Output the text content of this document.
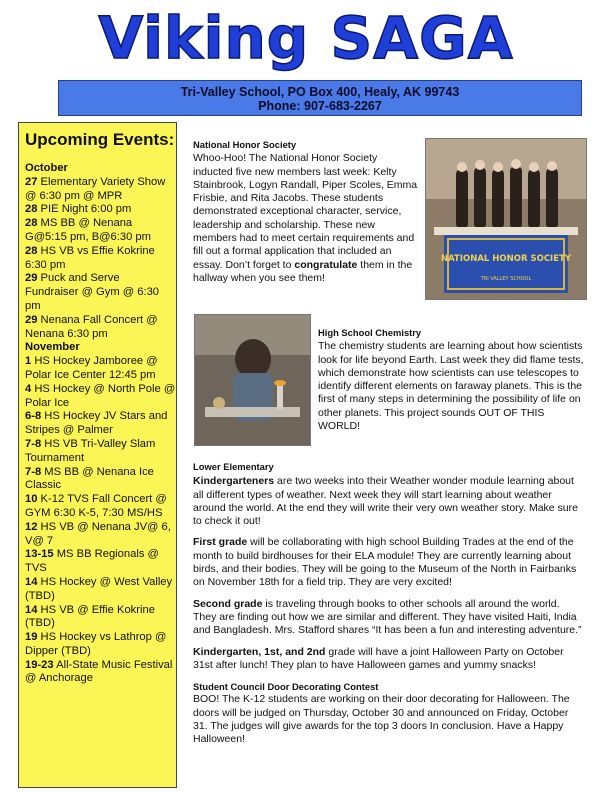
Viking SAGA
Tri-Valley School, PO Box 400, Healy, AK 99743
Phone: 907-683-2267
Upcoming Events:
October
27 Elementary Variety Show @ 6:30 pm @ MPR
28 PIE Night 6:00 pm
28 MS BB @ Nenana G@5:15 pm, B@6:30 pm
28 HS VB vs Effie Kokrine 6:30 pm
29 Puck and Serve Fundraiser @ Gym @ 6:30 pm
29 Nenana Fall Concert @ Nenana 6:30 pm
November
1 HS Hockey Jamboree @ Polar Ice Center 12:45 pm
4 HS Hockey @ North Pole @ Polar Ice
6-8 HS Hockey JV Stars and Stripes @ Palmer
7-8 HS VB Tri-Valley Slam Tournament
7-8 MS BB @ Nenana Ice Classic
10 K-12 TVS Fall Concert @ GYM 6:30 K-5, 7:30 MS/HS
12 HS VB @ Nenana JV@ 6, V@ 7
13-15 MS BB Regionals @ TVS
14 HS Hockey @ West Valley (TBD)
14 HS VB @ Effie Kokrine (TBD)
19 HS Hockey vs Lathrop @ Dipper (TBD)
19-23 All-State Music Festival @ Anchorage
National Honor Society

Whoo-Hoo! The National Honor Society inducted five new members last week: Kelty Stainbrook, Logyn Randall, Piper Scoles, Emma Frisbie, and Rita Jacobs. These students demonstrated exceptional character, service, leadership and scholarship. These new members had to meet certain requirements and fill out a formal application that included an essay. Don’t forget to congratulate them in the hallway when you see them!

NATIONAL HONOR SOCIETY
TRI VALLEY SCHOOL
High School Chemistry

The chemistry students are learning about how scientists look for life beyond Earth. Last week they did flame tests, which demonstrate how scientists can use telescopes to identify different elements on faraway planets. This is the first of many steps in determining the possibility of life on other planets. This project sounds OUT OF THIS WORLD!

Lower Elementary

Kindergarteners are two weeks into their Weather wonder module learning about all different types of weather. Next week they will start learning about weather around the world. At the end they will write their very own weather story. Make sure to check it out!

First grade will be collaborating with high school Building Trades at the end of the month to build birdhouses for their ELA module! They are currently learning about birds, and their bodies. They will be going to the Museum of the North in Fairbanks on November 18th for a field trip. They are very excited!

Second grade is traveling through books to other schools all around the world. They are finding out how we are similar and different. They have visited Haiti, India and Bangladesh. Mrs. Stafford shares “It has been a fun and interesting adventure.”

Kindergarten, 1st, and 2nd grade will have a joint Halloween Party on October 31st after lunch! They plan to have Halloween games and yummy snacks!

Student Council Door Decorating Contest

BOO! The K-12 students are working on their door decorating for Halloween. The doors will be judged on Thursday, October 30 and announced on Friday, October 31. The judges will give awards for the top 3 doors In conclusion. Have a Happy Halloween!
